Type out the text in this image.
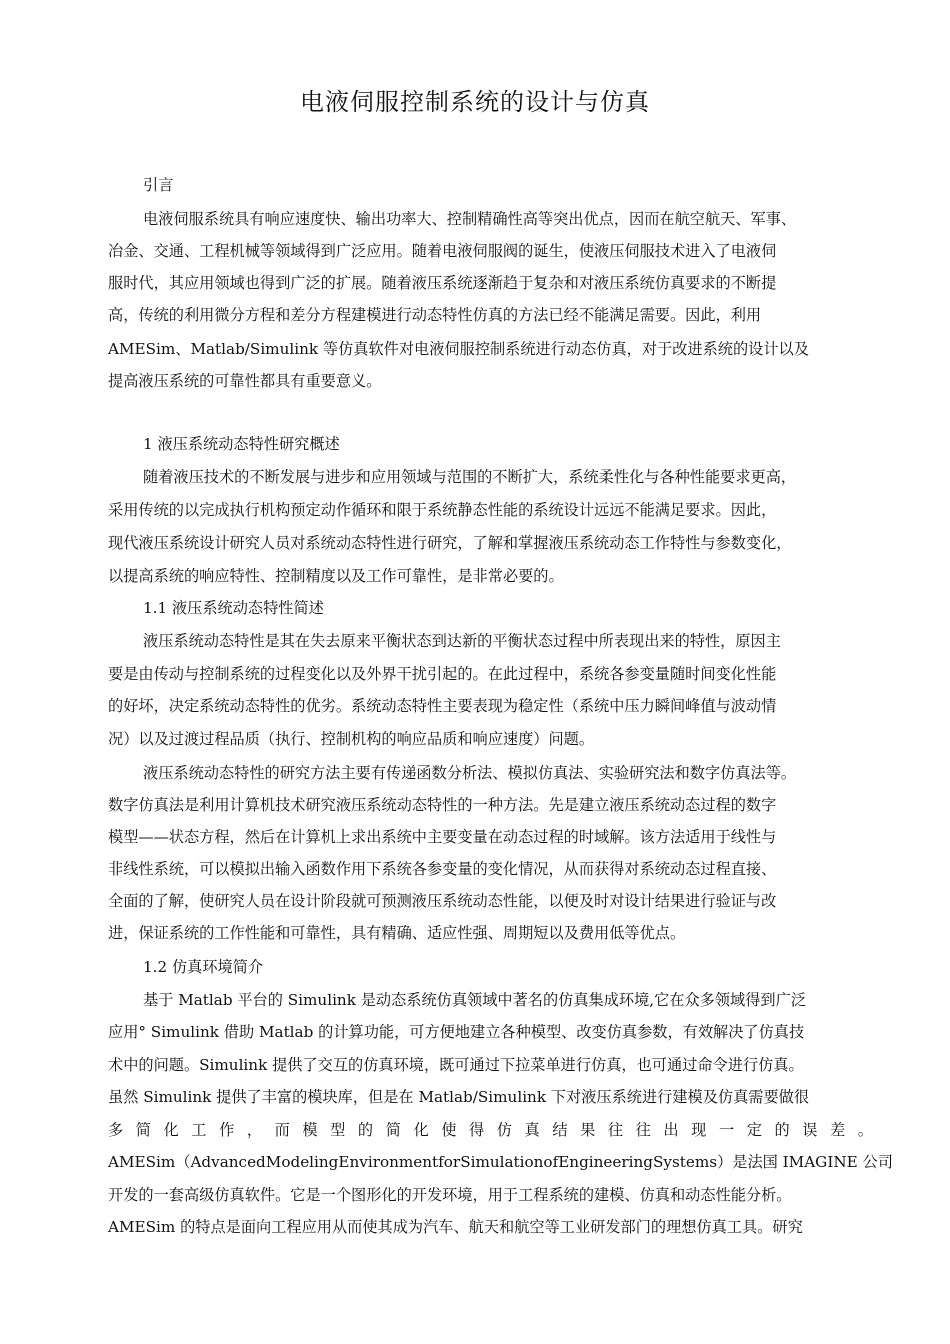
电液伺服控制系统的设计与仿真
引言
电液伺服系统具有响应速度快、输出功率大、控制精确性高等突出优点，因而在航空航天、军事、
冶金、交通、工程机械等领域得到广泛应用。随着电液伺服阀的诞生，使液压伺服技术进入了电液伺
服时代，其应用领域也得到广泛的扩展。随着液压系统逐渐趋于复杂和对液压系统仿真要求的不断提
高，传统的利用微分方程和差分方程建模进行动态特性仿真的方法已经不能满足需要。因此，利用
AMESim、Matlab/Simulink 等仿真软件对电液伺服控制系统进行动态仿真，对于改进系统的设计以及
提高液压系统的可靠性都具有重要意义。
1 液压系统动态特性研究概述
随着液压技术的不断发展与进步和应用领域与范围的不断扩大，系统柔性化与各种性能要求更高，
采用传统的以完成执行机构预定动作循环和限于系统静态性能的系统设计远远不能满足要求。因此，
现代液压系统设计研究人员对系统动态特性进行研究，了解和掌握液压系统动态工作特性与参数变化，
以提高系统的响应特性、控制精度以及工作可靠性，是非常必要的。
1.1 液压系统动态特性简述
液压系统动态特性是其在失去原来平衡状态到达新的平衡状态过程中所表现出来的特性，原因主
要是由传动与控制系统的过程变化以及外界干扰引起的。在此过程中，系统各参变量随时间变化性能
的好坏，决定系统动态特性的优劣。系统动态特性主要表现为稳定性（系统中压力瞬间峰值与波动情
况）以及过渡过程品质（执行、控制机构的响应品质和响应速度）问题。
液压系统动态特性的研究方法主要有传递函数分析法、模拟仿真法、实验研究法和数字仿真法等。
数字仿真法是利用计算机技术研究液压系统动态特性的一种方法。先是建立液压系统动态过程的数字
模型——状态方程，然后在计算机上求出系统中主要变量在动态过程的时域解。该方法适用于线性与
非线性系统，可以模拟出输入函数作用下系统各参变量的变化情况，从而获得对系统动态过程直接、
全面的了解，使研究人员在设计阶段就可预测液压系统动态性能，以便及时对设计结果进行验证与改
进，保证系统的工作性能和可靠性，具有精确、适应性强、周期短以及费用低等优点。
1.2 仿真环境简介
基于 Matlab 平台的 Simulink 是动态系统仿真领域中著名的仿真集成环境,它在众多领域得到广泛
应用° Simulink 借助 Matlab 的计算功能，可方便地建立各种模型、改变仿真参数，有效解决了仿真技
术中的问题。Simulink 提供了交互的仿真环境，既可通过下拉菜单进行仿真，也可通过命令进行仿真。
虽然 Simulink 提供了丰富的模块库，但是在 Matlab/Simulink 下对液压系统进行建模及仿真需要做很
多 简 化 工 作 ， 而 模 型 的 简 化 使 得 仿 真 结 果 往 往 出 现 一 定 的 误 差 。
AMESim（AdvancedModelingEnvironmentforSimulationofEngineeringSystems）是法国 IMAGINE 公司
开发的一套高级仿真软件。它是一个图形化的开发环境，用于工程系统的建模、仿真和动态性能分析。
AMESim 的特点是面向工程应用从而使其成为汽车、航天和航空等工业研发部门的理想仿真工具。研究
